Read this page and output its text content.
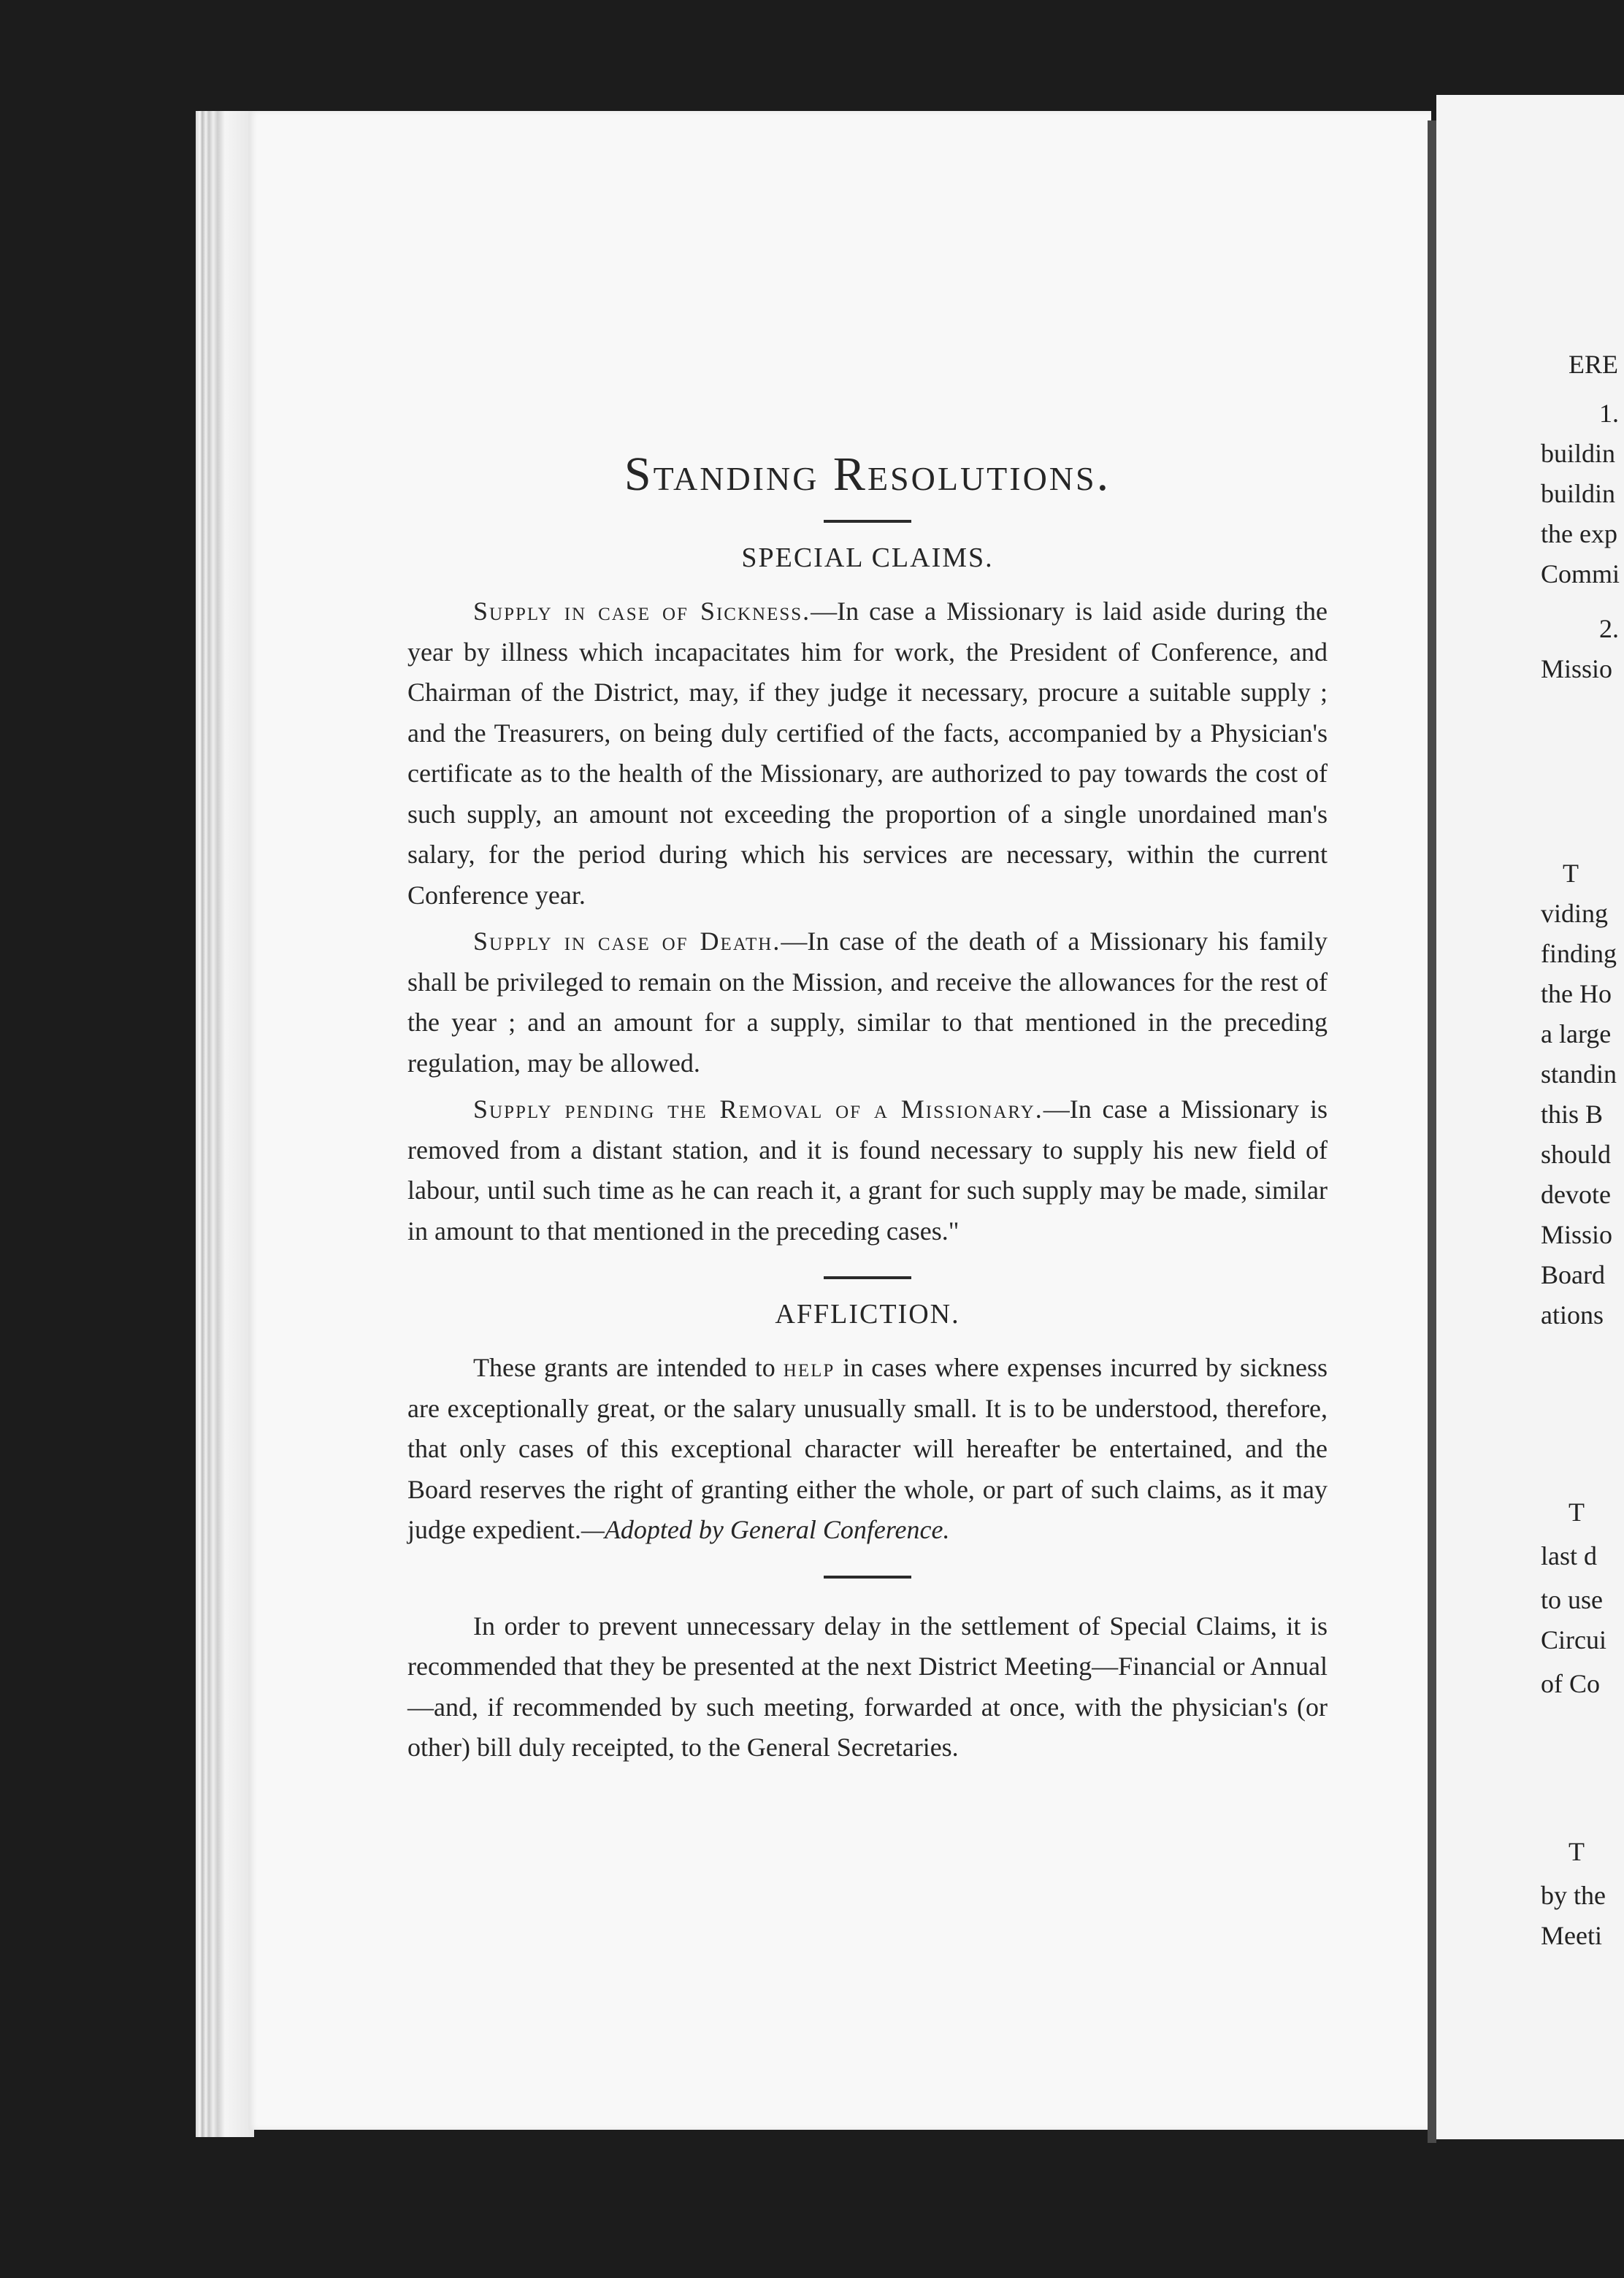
ERE
1.
buildin
buildin
the exp
Commi
2.
Missio
T
viding
finding
the Ho
a large
standin
this B
should
devote
Missio
Board
ations
T
last d
to use
Circui
of Co
T
by the
Meeti
Standing Resolutions.
SPECIAL CLAIMS.

Supply in case of Sickness.—In case a Missionary is laid aside during the year by illness which incapacitates him for work, the President of Conference, and Chairman of the District, may, if they judge it necessary, procure a suitable supply ; and the Treasurers, on being duly certified of the facts, accompanied by a Physician's certificate as to the health of the Missionary, are authorized to pay towards the cost of such supply, an amount not exceeding the proportion of a single unordained man's salary, for the period during which his services are necessary, within the current Conference year.

Supply in case of Death.—In case of the death of a Missionary his family shall be privileged to remain on the Mission, and receive the allowances for the rest of the year ; and an amount for a supply, similar to that mentioned in the preceding regulation, may be allowed.

Supply pending the Removal of a Missionary.—In case a Missionary is removed from a distant station, and it is found necessary to supply his new field of labour, until such time as he can reach it, a grant for such supply may be made, similar in amount to that mentioned in the preceding cases."

AFFLICTION.

These grants are intended to help in cases where expenses incurred by sickness are exceptionally great, or the salary unusually small. It is to be understood, therefore, that only cases of this exceptional character will hereafter be entertained, and the Board reserves the right of granting either the whole, or part of such claims, as it may judge expedient.—Adopted by General Conference.

In order to prevent unnecessary delay in the settlement of Special Claims, it is recommended that they be presented at the next District Meeting—Financial or Annual—and, if recommended by such meeting, forwarded at once, with the physician's (or other) bill duly receipted, to the General Secretaries.
